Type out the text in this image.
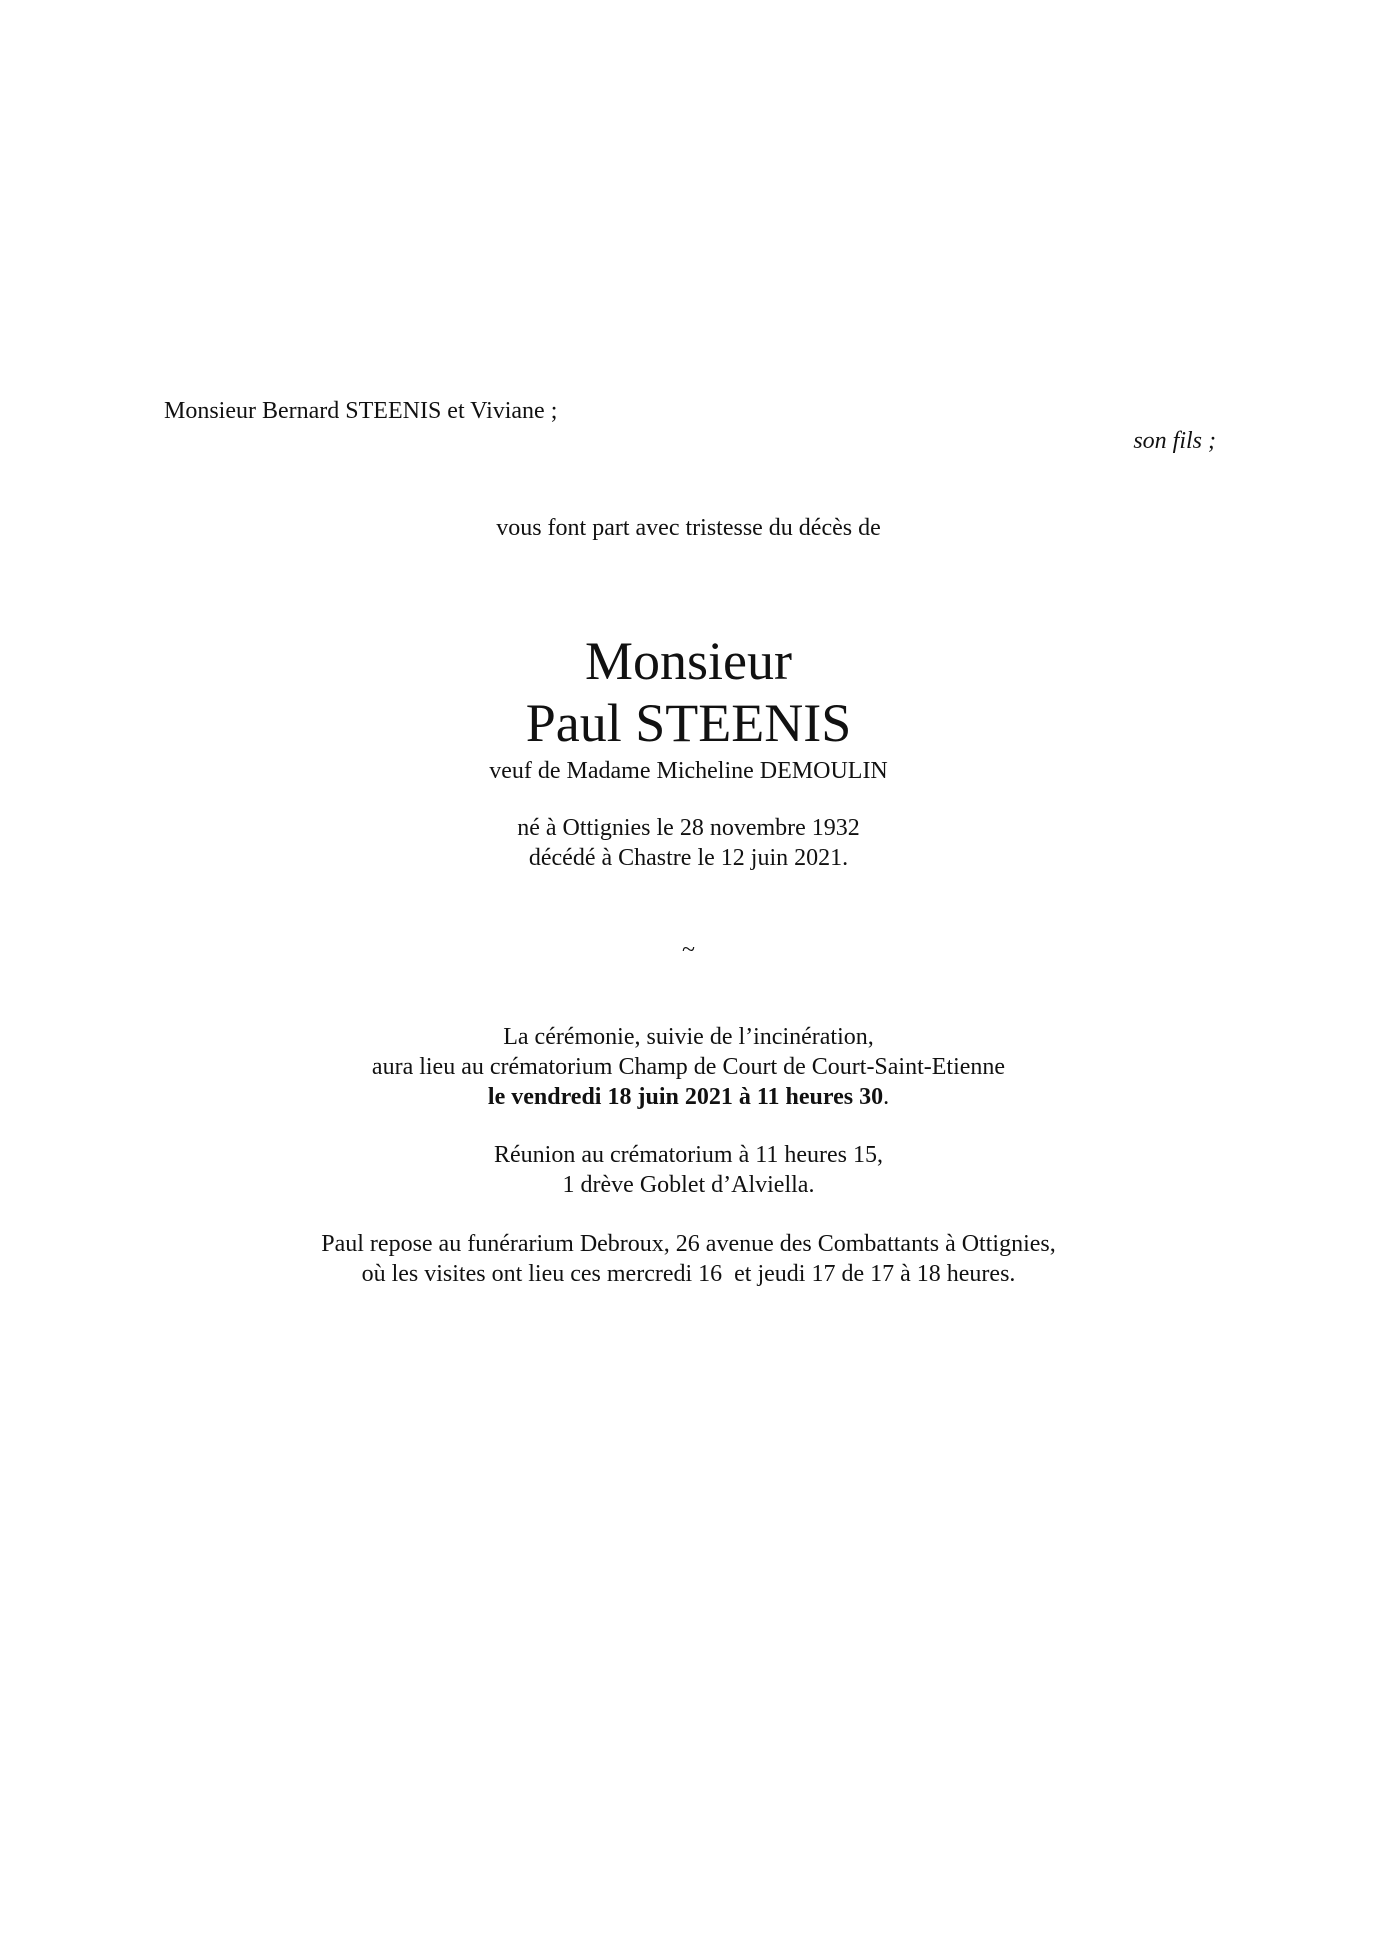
Monsieur Bernard STEENIS et Viviane ;
son fils ;
vous font part avec tristesse du décès de
Monsieur
Paul STEENIS
veuf de Madame Micheline DEMOULIN
né à Ottignies le 28 novembre 1932
décédé à Chastre le 12 juin 2021.
~
La cérémonie, suivie de l’incinération,
aura lieu au crématorium Champ de Court de Court-Saint-Etienne
le vendredi 18 juin 2021 à 11 heures 30.
Réunion au crématorium à 11 heures 15,
1 drève Goblet d’Alviella.
Paul repose au funérarium Debroux, 26 avenue des Combattants à Ottignies,
où les visites ont lieu ces mercredi 16  et jeudi 17 de 17 à 18 heures.
